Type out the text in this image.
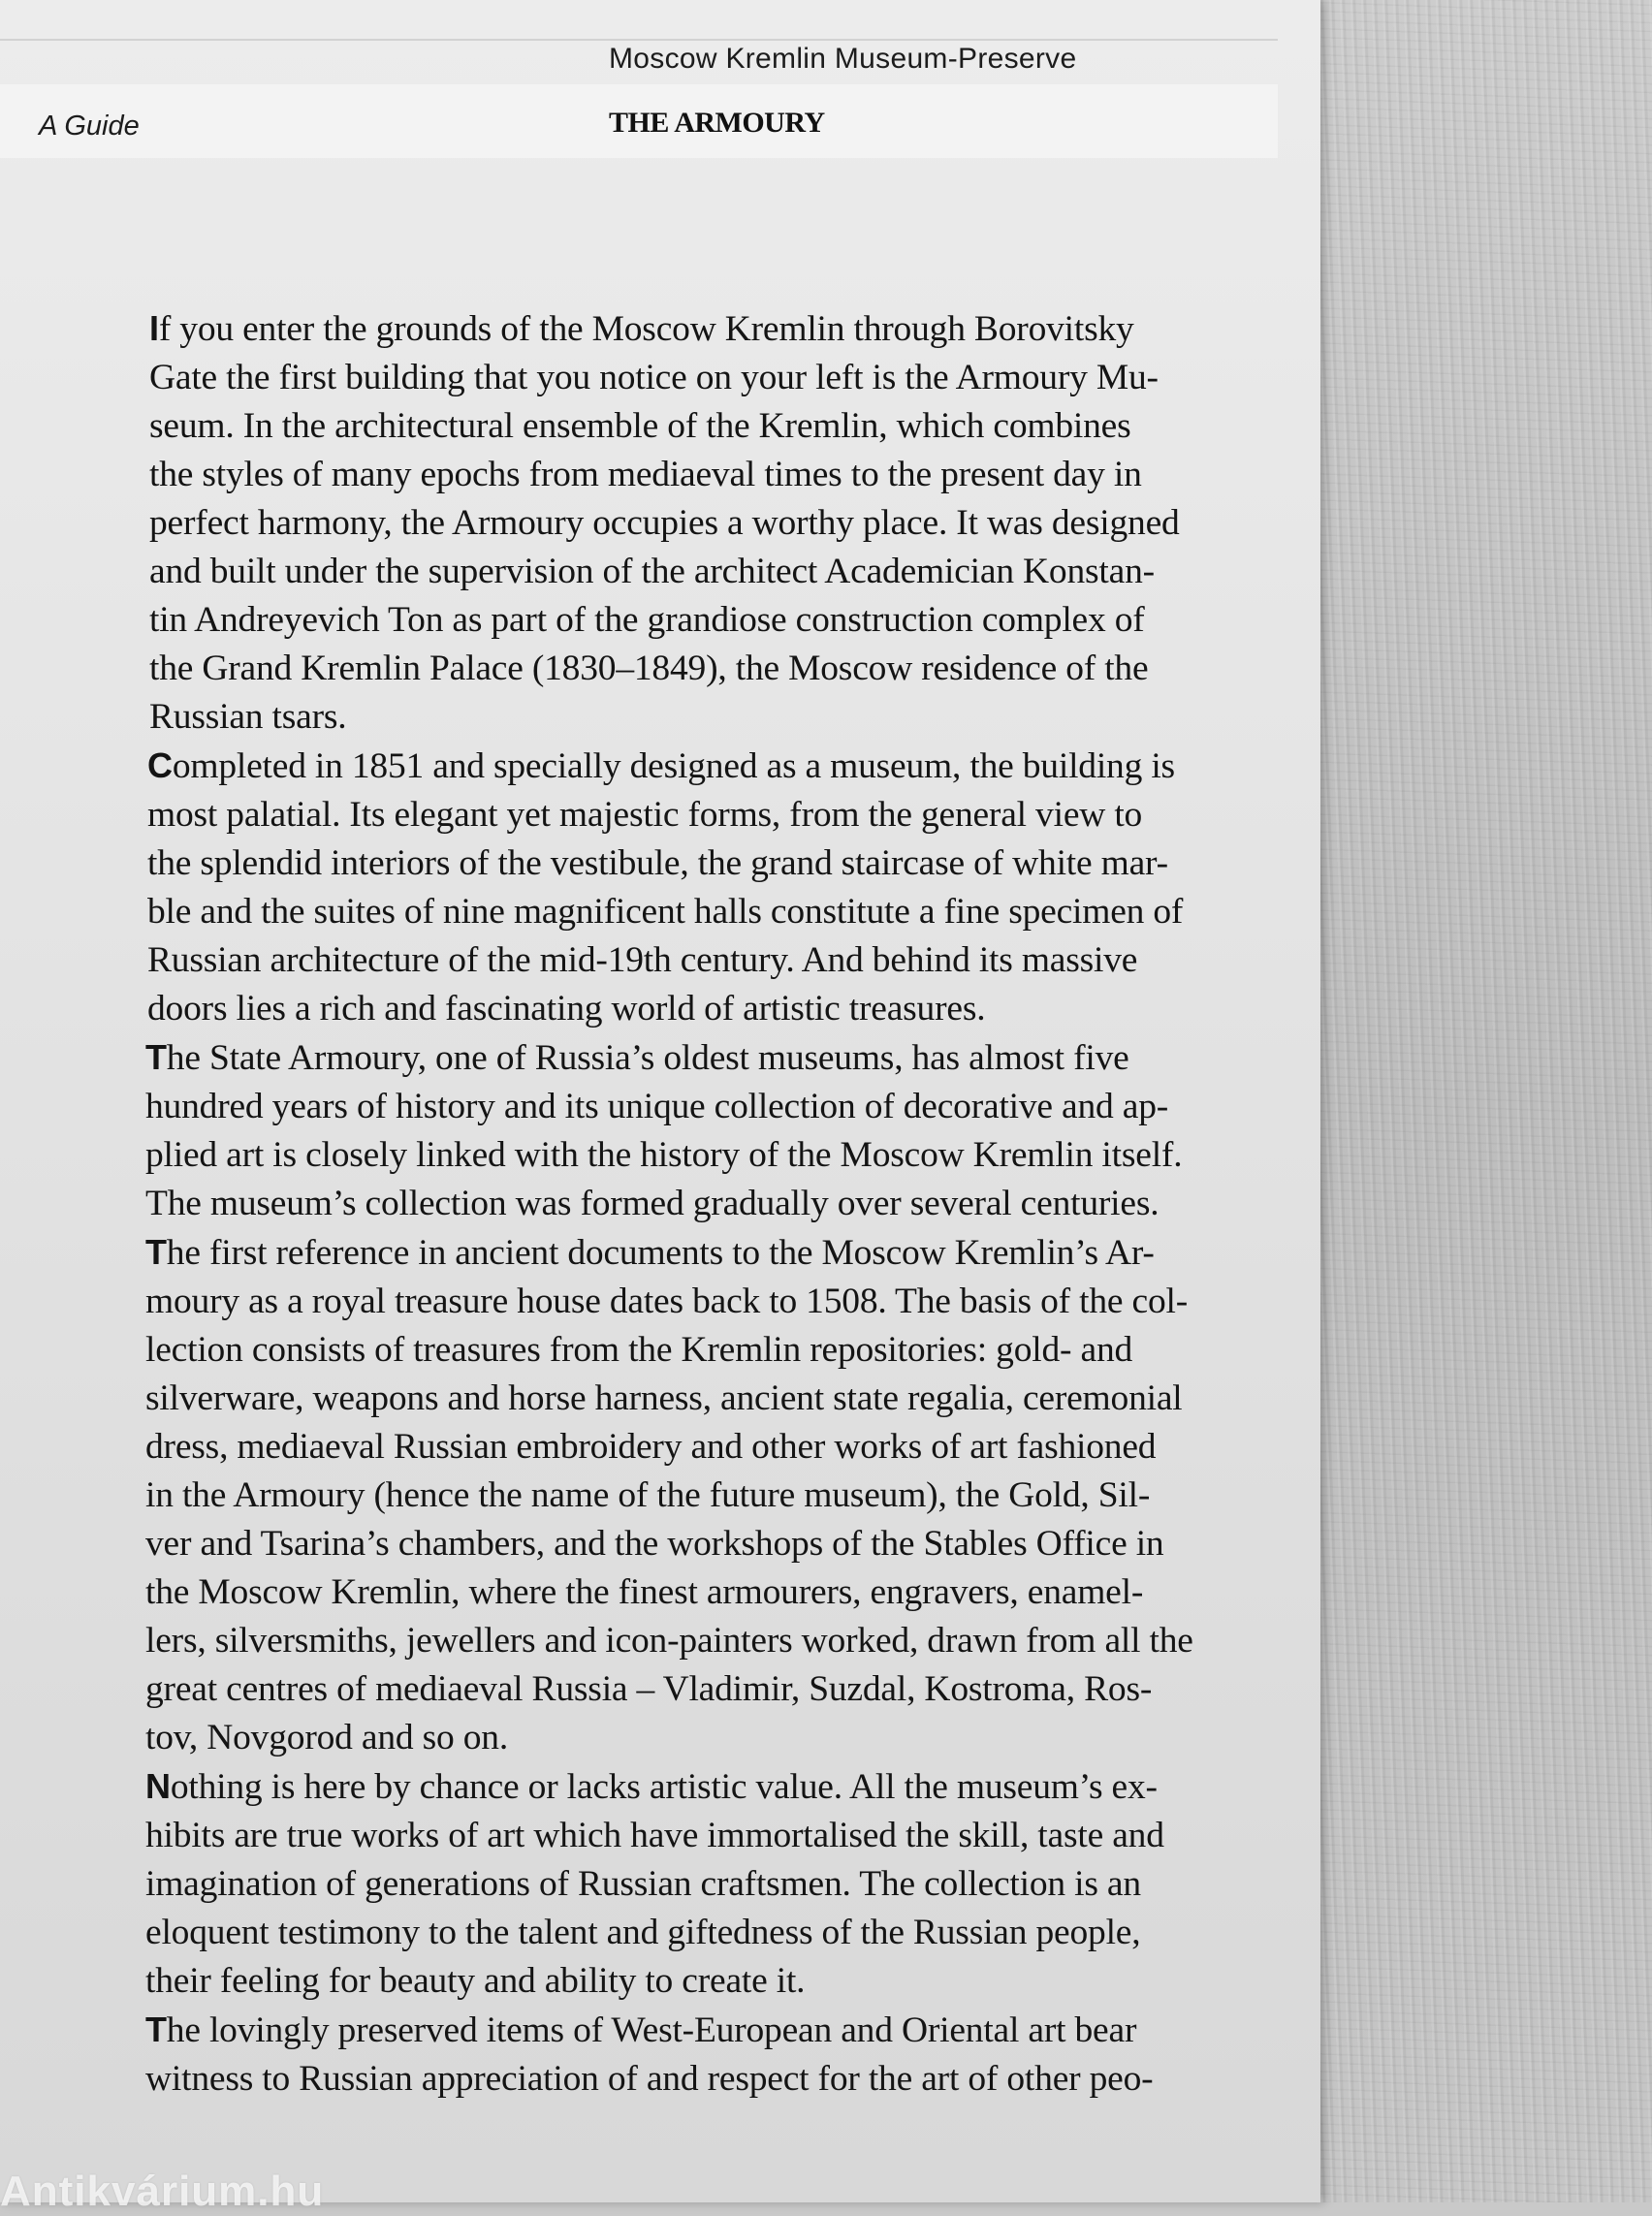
Moscow Kremlin Museum-Preserve
A Guide	THE ARMOURY
If you enter the grounds of the Moscow Kremlin through Borovitsky
Gate the first building that you notice on your left is the Armoury Mu-
seum. In the architectural ensemble of the Kremlin, which combines
the styles of many epochs from mediaeval times to the present day in
perfect harmony, the Armoury occupies a worthy place. It was designed
and built under the supervision of the architect Academician Konstan-
tin Andreyevich Ton as part of the grandiose construction complex of
the Grand Kremlin Palace (1830–1849), the Moscow residence of the
Russian tsars.
Completed in 1851 and specially designed as a museum, the building is
most palatial. Its elegant yet majestic forms, from the general view to
the splendid interiors of the vestibule, the grand staircase of white mar-
ble and the suites of nine magnificent halls constitute a fine specimen of
Russian architecture of the mid-19th century. And behind its massive
doors lies a rich and fascinating world of artistic treasures.
The State Armoury, one of Russia’s oldest museums, has almost five
hundred years of history and its unique collection of decorative and ap-
plied art is closely linked with the history of the Moscow Kremlin itself.
The museum’s collection was formed gradually over several centuries.
The first reference in ancient documents to the Moscow Kremlin’s Ar-
moury as a royal treasure house dates back to 1508. The basis of the col-
lection consists of treasures from the Kremlin repositories: gold- and
silverware, weapons and horse harness, ancient state regalia, ceremonial
dress, mediaeval Russian embroidery and other works of art fashioned
in the Armoury (hence the name of the future museum), the Gold, Sil-
ver and Tsarina’s chambers, and the workshops of the Stables Office in
the Moscow Kremlin, where the finest armourers, engravers, enamel-
lers, silversmiths, jewellers and icon-painters worked, drawn from all the
great centres of mediaeval Russia – Vladimir, Suzdal, Kostroma, Ros-
tov, Novgorod and so on.
Nothing is here by chance or lacks artistic value. All the museum’s ex-
hibits are true works of art which have immortalised the skill, taste and
imagination of generations of Russian craftsmen. The collection is an
eloquent testimony to the talent and giftedness of the Russian people,
their feeling for beauty and ability to create it.
The lovingly preserved items of West-European and Oriental art bear
witness to Russian appreciation of and respect for the art of other peo-
Antikvárium.hu
